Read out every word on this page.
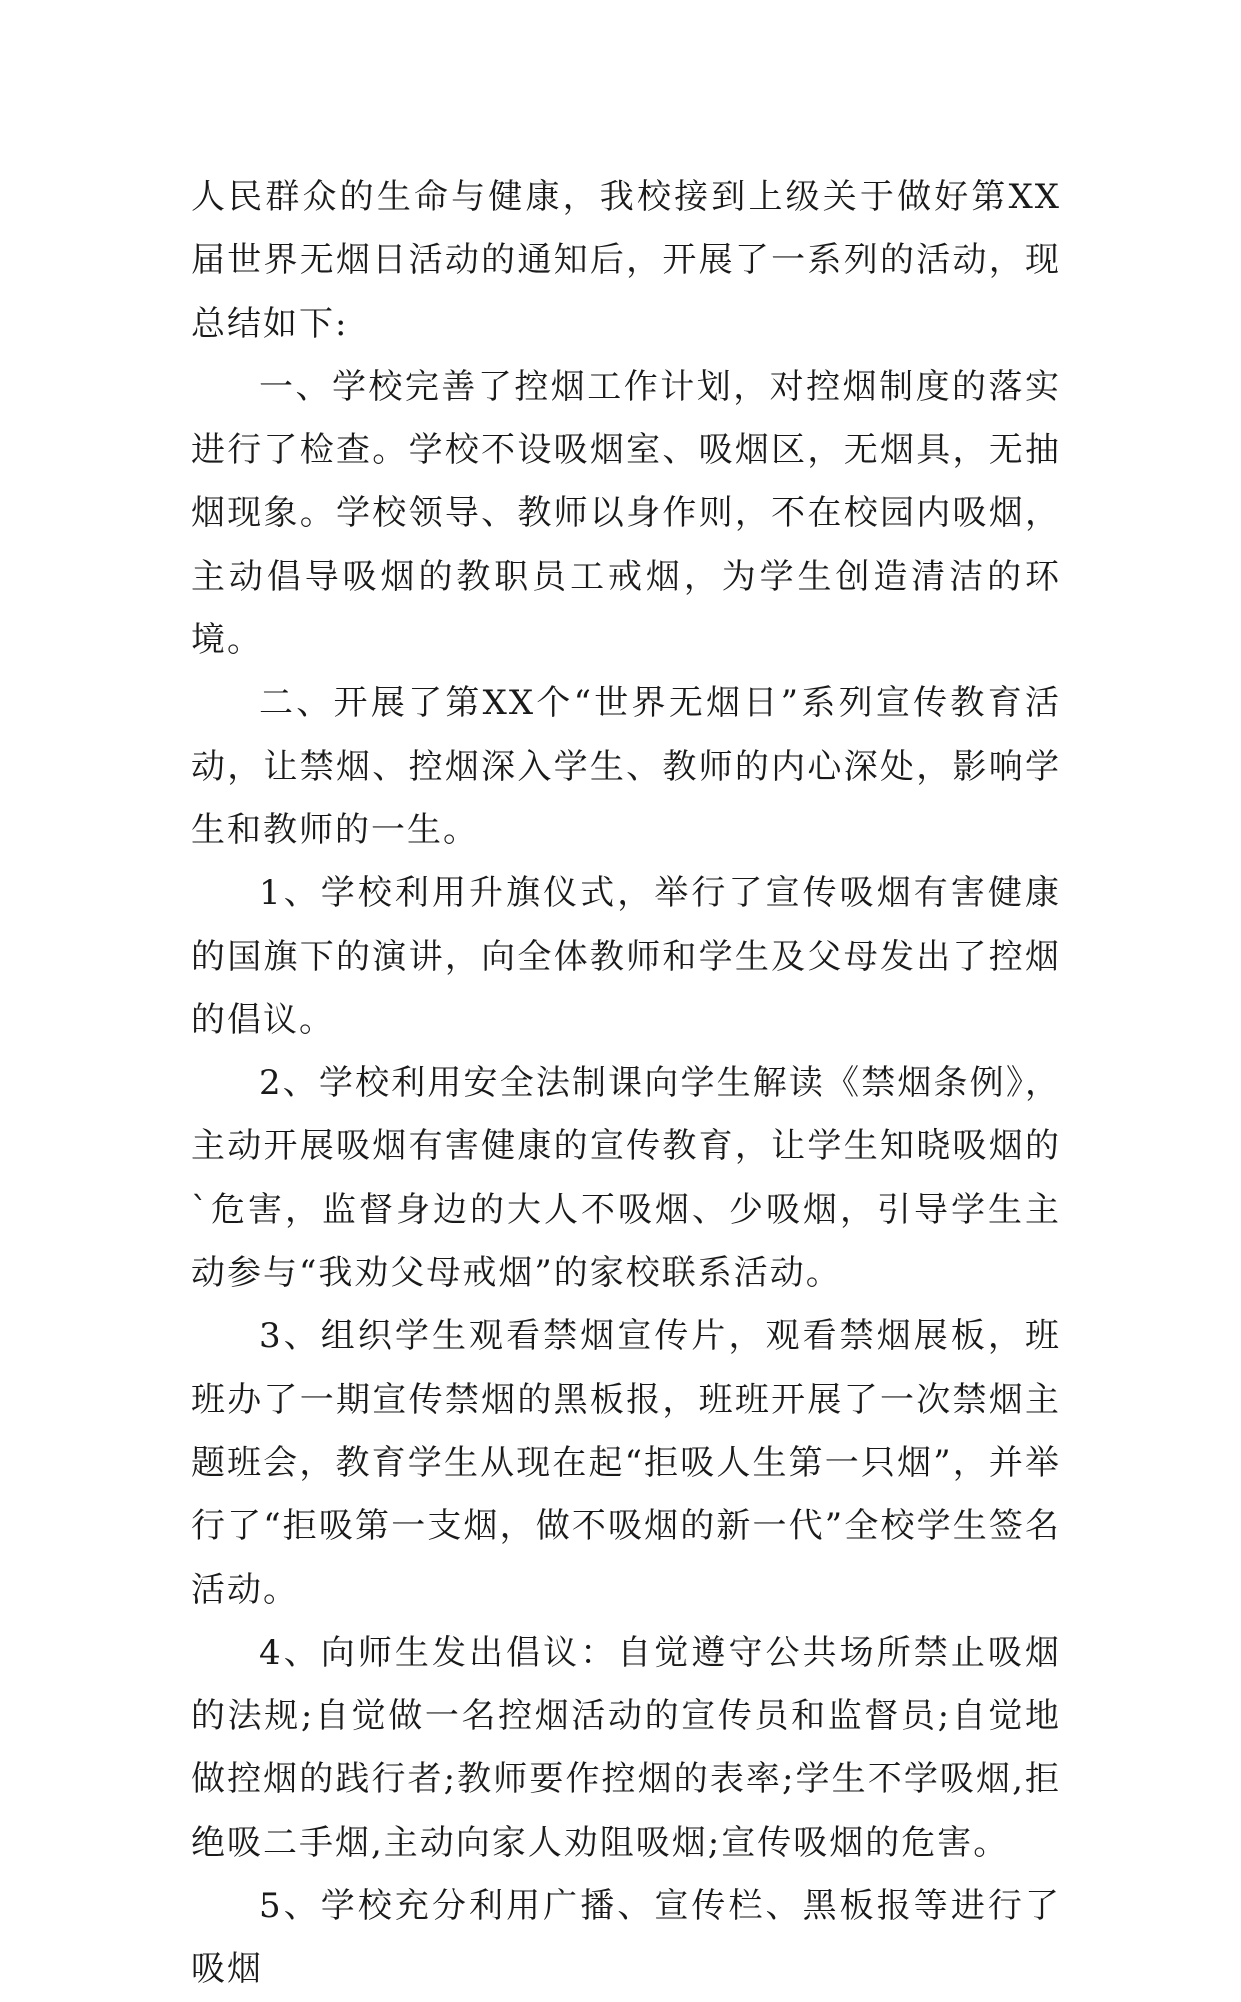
人民群众的生命与健康，我校接到上级关于做好第XX届世界无烟日活动的通知后，开展了一系列的活动，现总结如下:

一、学校完善了控烟工作计划，对控烟制度的落实进行了检查。学校不设吸烟室、吸烟区，无烟具，无抽烟现象。学校领导、教师以身作则，不在校园内吸烟，主动倡导吸烟的教职员工戒烟，为学生创造清洁的环境。

二、开展了第XX个“世界无烟日”系列宣传教育活动，让禁烟、控烟深入学生、教师的内心深处，影响学生和教师的一生。

1、学校利用升旗仪式，举行了宣传吸烟有害健康的国旗下的演讲，向全体教师和学生及父母发出了控烟的倡议。

2、学校利用安全法制课向学生解读《禁烟条例》，主动开展吸烟有害健康的宣传教育，让学生知晓吸烟的`危害，监督身边的大人不吸烟、少吸烟，引导学生主动参与“我劝父母戒烟”的家校联系活动。

3、组织学生观看禁烟宣传片，观看禁烟展板，班班办了一期宣传禁烟的黑板报，班班开展了一次禁烟主题班会，教育学生从现在起“拒吸人生第一只烟”，并举行了“拒吸第一支烟，做不吸烟的新一代”全校学生签名活动。

4、向师生发出倡议：自觉遵守公共场所禁止吸烟的法规;自觉做一名控烟活动的宣传员和监督员;自觉地做控烟的践行者;教师要作控烟的表率;学生不学吸烟,拒绝吸二手烟,主动向家人劝阻吸烟;宣传吸烟的危害。

5、学校充分利用广播、宣传栏、黑板报等进行了吸烟
